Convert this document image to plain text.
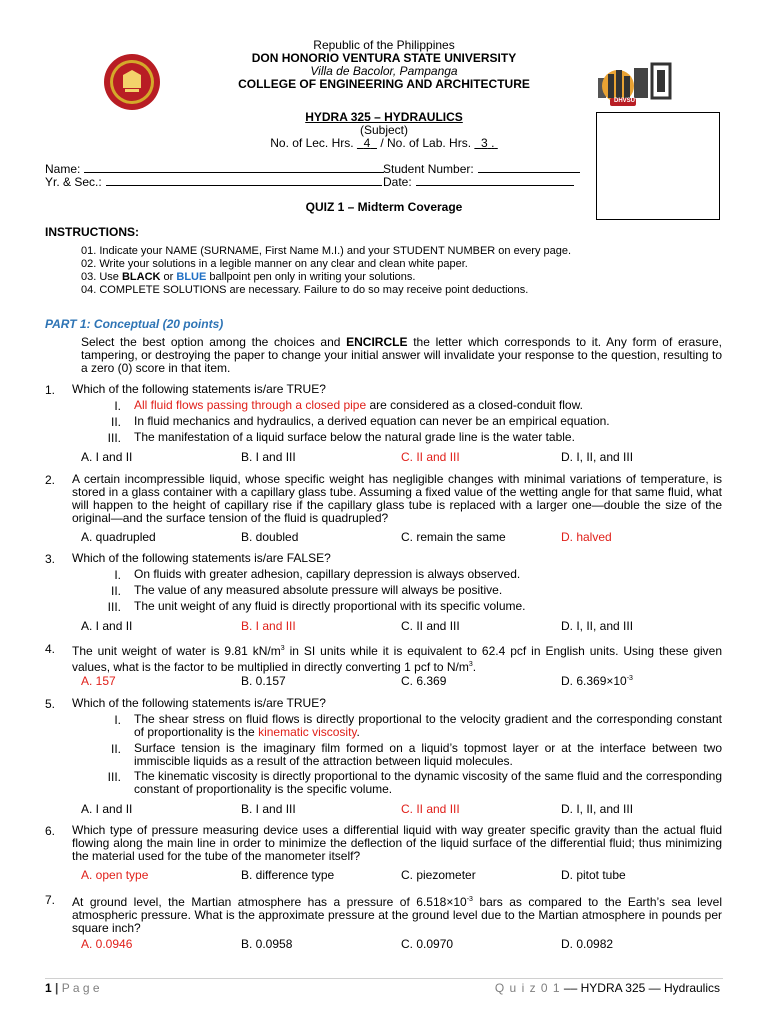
DHVSU
Republic of the Philippines
DON HONORIO VENTURA STATE UNIVERSITY
Villa de Bacolor, Pampanga
COLLEGE OF ENGINEERING AND ARCHITECTURE
HYDRA 325 – HYDRAULICS
(Subject)
No. of Lec. Hrs. 4 / No. of Lab. Hrs. 3 .
Name:	Student Number:
Yr. & Sec.:	Date:
QUIZ 1 – Midterm Coverage
INSTRUCTIONS:
01. Indicate your NAME (SURNAME, First Name M.I.) and your STUDENT NUMBER on every page.
02. Write your solutions in a legible manner on any clear and clean white paper.
03. Use BLACK or BLUE ballpoint pen only in writing your solutions.
04. COMPLETE SOLUTIONS are necessary. Failure to do so may receive point deductions.
PART 1: Conceptual (20 points)
Select the best option among the choices and ENCIRCLE the letter which corresponds to it. Any form of erasure, tampering, or destroying the paper to change your initial answer will invalidate your response to the question, resulting to a zero (0) score in that item.
1. Which of the following statements is/are TRUE?
I. All fluid flows passing through a closed pipe are considered as a closed-conduit flow.
II. In fluid mechanics and hydraulics, a derived equation can never be an empirical equation.
III. The manifestation of a liquid surface below the natural grade line is the water table.
A. I and II	B. I and III	C. II and III	D. I, II, and III
2. A certain incompressible liquid, whose specific weight has negligible changes with minimal variations of temperature, is stored in a glass container with a capillary glass tube. Assuming a fixed value of the wetting angle for that same fluid, what will happen to the height of capillary rise if the capillary glass tube is replaced with a larger one—double the size of the original—and the surface tension of the fluid is quadrupled?
A. quadrupled	B. doubled	C. remain the same	D. halved
3. Which of the following statements is/are FALSE?
I. On fluids with greater adhesion, capillary depression is always observed.
II. The value of any measured absolute pressure will always be positive.
III. The unit weight of any fluid is directly proportional with its specific volume.
A. I and II	B. I and III	C. II and III	D. I, II, and III
4. The unit weight of water is 9.81 $kN/m^3$ in SI units while it is equivalent to 62.4 pcf in English units. Using these given values, what is the factor to be multiplied in directly converting 1 pcf to $N/m^3$.
A. 157	B. 0.157	C. 6.369	D. $6.369\times 10^{-3}$
5. Which of the following statements is/are TRUE?
I. The shear stress on fluid flows is directly proportional to the velocity gradient and the corresponding constant of proportionality is the kinematic viscosity.
II. Surface tension is the imaginary film formed on a liquid’s topmost layer or at the interface between two immiscible liquids as a result of the attraction between liquid molecules.
III. The kinematic viscosity is directly proportional to the dynamic viscosity of the same fluid and the corresponding constant of proportionality is the specific volume.
A. I and II	B. I and III	C. II and III	D. I, II, and III
6. Which type of pressure measuring device uses a differential liquid with way greater specific gravity than the actual fluid flowing along the main line in order to minimize the deflection of the liquid surface of the differential fluid; thus minimizing the material used for the tube of the manometer itself?
A. open type	B. difference type	C. piezometer	D. pitot tube
7. At ground level, the Martian atmosphere has a pressure of $6.518\times 10^{-3}$ bars as compared to the Earth’s sea level atmospheric pressure. What is the approximate pressure at the ground level due to the Martian atmosphere in pounds per square inch?
A. 0.0946	B. 0.0958	C. 0.0970	D. 0.0982
1 | P a g e	Q u i z 0 1 –– HYDRA 325 — Hydraulics
